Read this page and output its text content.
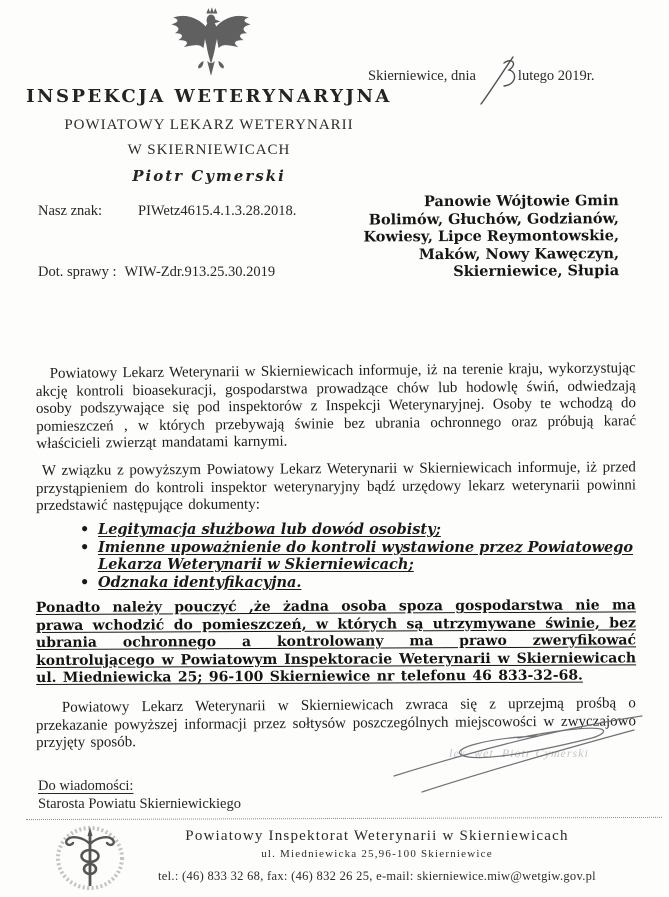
Skierniewice, dnia	lutego 2019r.
INSPEKCJA WETERYNARYJNA
POWIATOWY LEKARZ WETERYNARII
W SKIERNIEWICACH
Piotr Cymerski
Nasz znak: PIWetz4615.4.1.3.28.2018.
Dot. sprawy : WIW-Zdr.913.25.30.2019
Panowie Wójtowie Gmin
Bolimów, Głuchów, Godzianów,
Kowiesy, Lipce Reymontowskie,
Maków, Nowy Kawęczyn,
Skierniewice, Słupia

Powiatowy Lekarz Weterynarii w Skierniewicach informuje, iż na terenie kraju, wykorzystując akcję kontroli bioasekuracji, gospodarstwa prowadzące chów lub hodowlę świń, odwiedzają osoby podszywające się pod inspektorów z Inspekcji Weterynaryjnej. Osoby te wchodzą do pomieszczeń , w których przebywają świnie bez ubrania ochronnego oraz próbują karać właścicieli zwierząt mandatami karnymi.

W związku z powyższym Powiatowy Lekarz Weterynarii w Skierniewicach informuje, iż przed przystąpieniem do kontroli inspektor weterynaryjny bądź urzędowy lekarz weterynarii powinni przedstawić następujące dokumenty:

• Legitymacja służbowa lub dowód osobisty;
• Imienne upoważnienie do kontroli wystawione przez Powiatowego Lekarza Weterynarii w Skierniewicach;
• Odznaka identyfikacyjna.

Ponadto należy pouczyć ,że żadna osoba spoza gospodarstwa nie ma prawa wchodzić do pomieszczeń, w których są utrzymywane świnie, bez ubrania ochronnego a kontrolowany ma prawo zweryfikować kontrolującego w Powiatowym Inspektoracie Weterynarii w Skierniewicach ul. Miedniewicka 25; 96-100 Skierniewice nr telefonu 46 833-32-68.

Powiatowy Lekarz Weterynarii w Skierniewicach zwraca się z uprzejmą prośbą o przekazanie powyższej informacji przez sołtysów poszczególnych miejscowości w zwyczajowo przyjęty sposób.

lek. wet. Piotr Cymerski
Do wiadomości:
Starosta Powiatu Skierniewickiego
Powiatowy Inspektorat Weterynarii w Skierniewicach
ul. Miedniewicka 25,96-100 Skierniewice
tel.: (46) 833 32 68, fax: (46) 832 26 25, e-mail: skierniewice.miw@wetgiw.gov.pl
